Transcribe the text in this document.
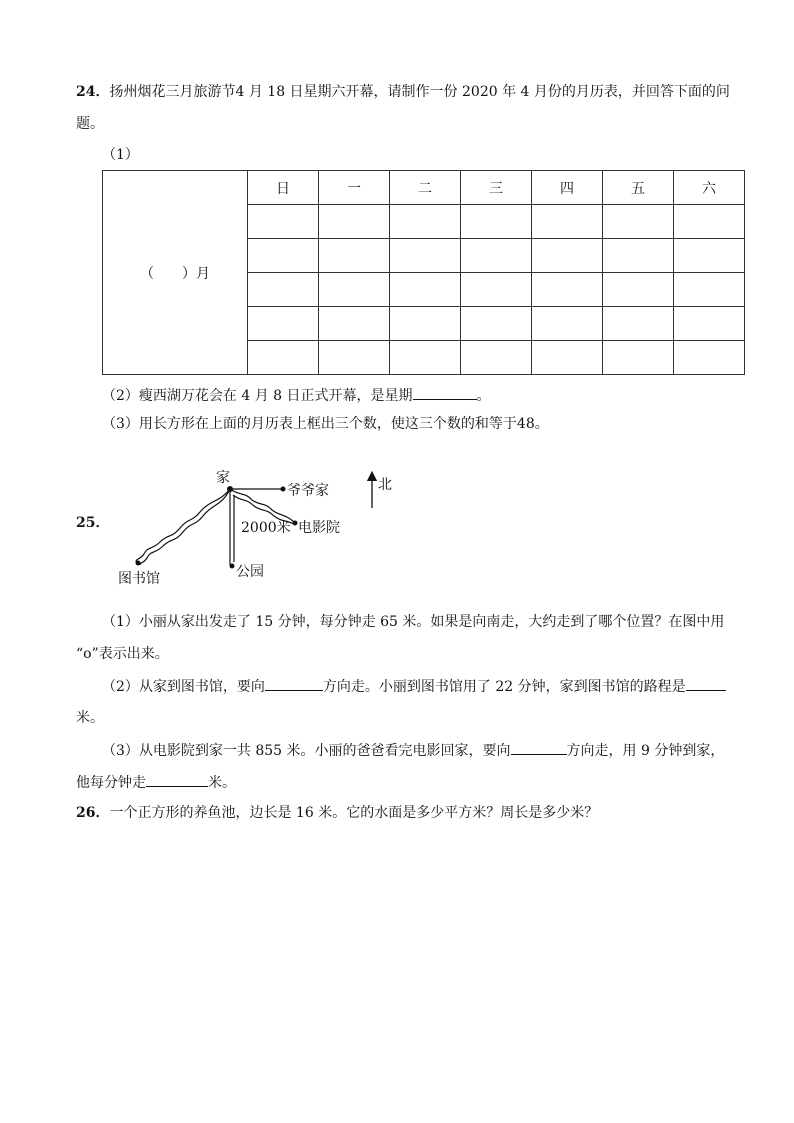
24．扬州烟花三月旅游节4 月 18 日星期六开幕，请制作一份 2020 年 4 月份的月历表，并回答下面的问
题。
（1）
（　　）月	日	一	二	三	四	五	六

（2）瘦西湖万花会在 4 月 8 日正式开幕，是星期	。
（3）用长方形在上面的月历表上框出三个数，使这三个数的和等于48。
25．
家
爷爷家	北
2000米 电影院
公园
图书馆
（1）小丽从家出发走了 15 分钟，每分钟走 65 米。如果是向南走，大约走到了哪个位置？在图中用
“o”表示出来。
（2）从家到图书馆，要向	方向走。小丽到图书馆用了 22 分钟，家到图书馆的路程是
米。
（3）从电影院到家一共 855 米。小丽的爸爸看完电影回家，要向	方向走，用 9 分钟到家，
他每分钟走	米。
26．一个正方形的养鱼池，边长是 16 米。它的水面是多少平方米？周长是多少米？
